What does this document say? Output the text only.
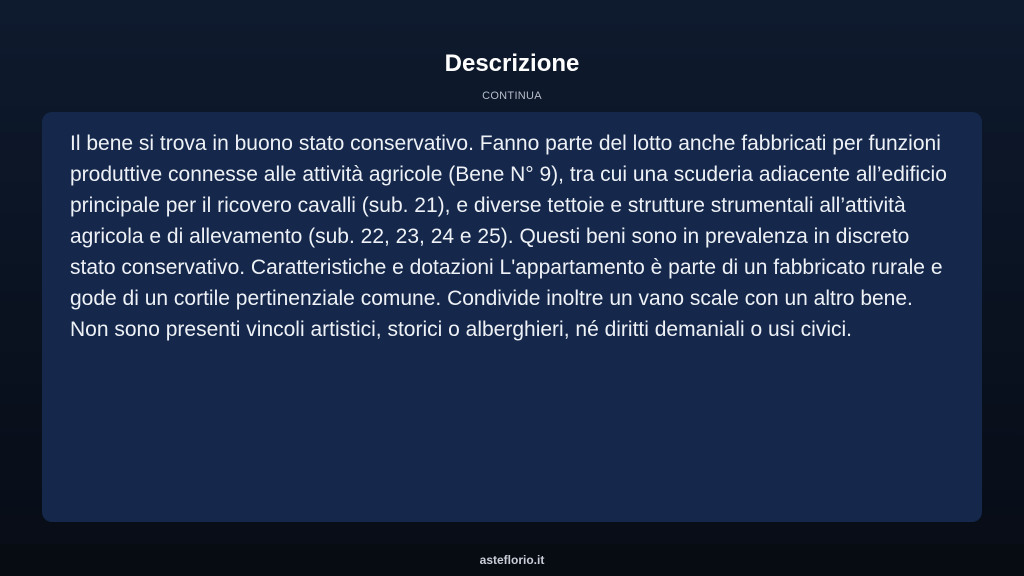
Descrizione
CONTINUA

Il bene si trova in buono stato conservativo. Fanno parte del lotto anche fabbricati per funzioni produttive connesse alle attività agricole (Bene N° 9), tra cui una scuderia adiacente all’edificio principale per il ricovero cavalli (sub. 21), e diverse tettoie e strutture strumentali all’attività agricola e di allevamento (sub. 22, 23, 24 e 25). Questi beni sono in prevalenza in discreto stato conservativo. Caratteristiche e dotazioni L'appartamento è parte di un fabbricato rurale e gode di un cortile pertinenziale comune. Condivide inoltre un vano scale con un altro bene. Non sono presenti vincoli artistici, storici o alberghieri, né diritti demaniali o usi civici.

asteflorio.it
